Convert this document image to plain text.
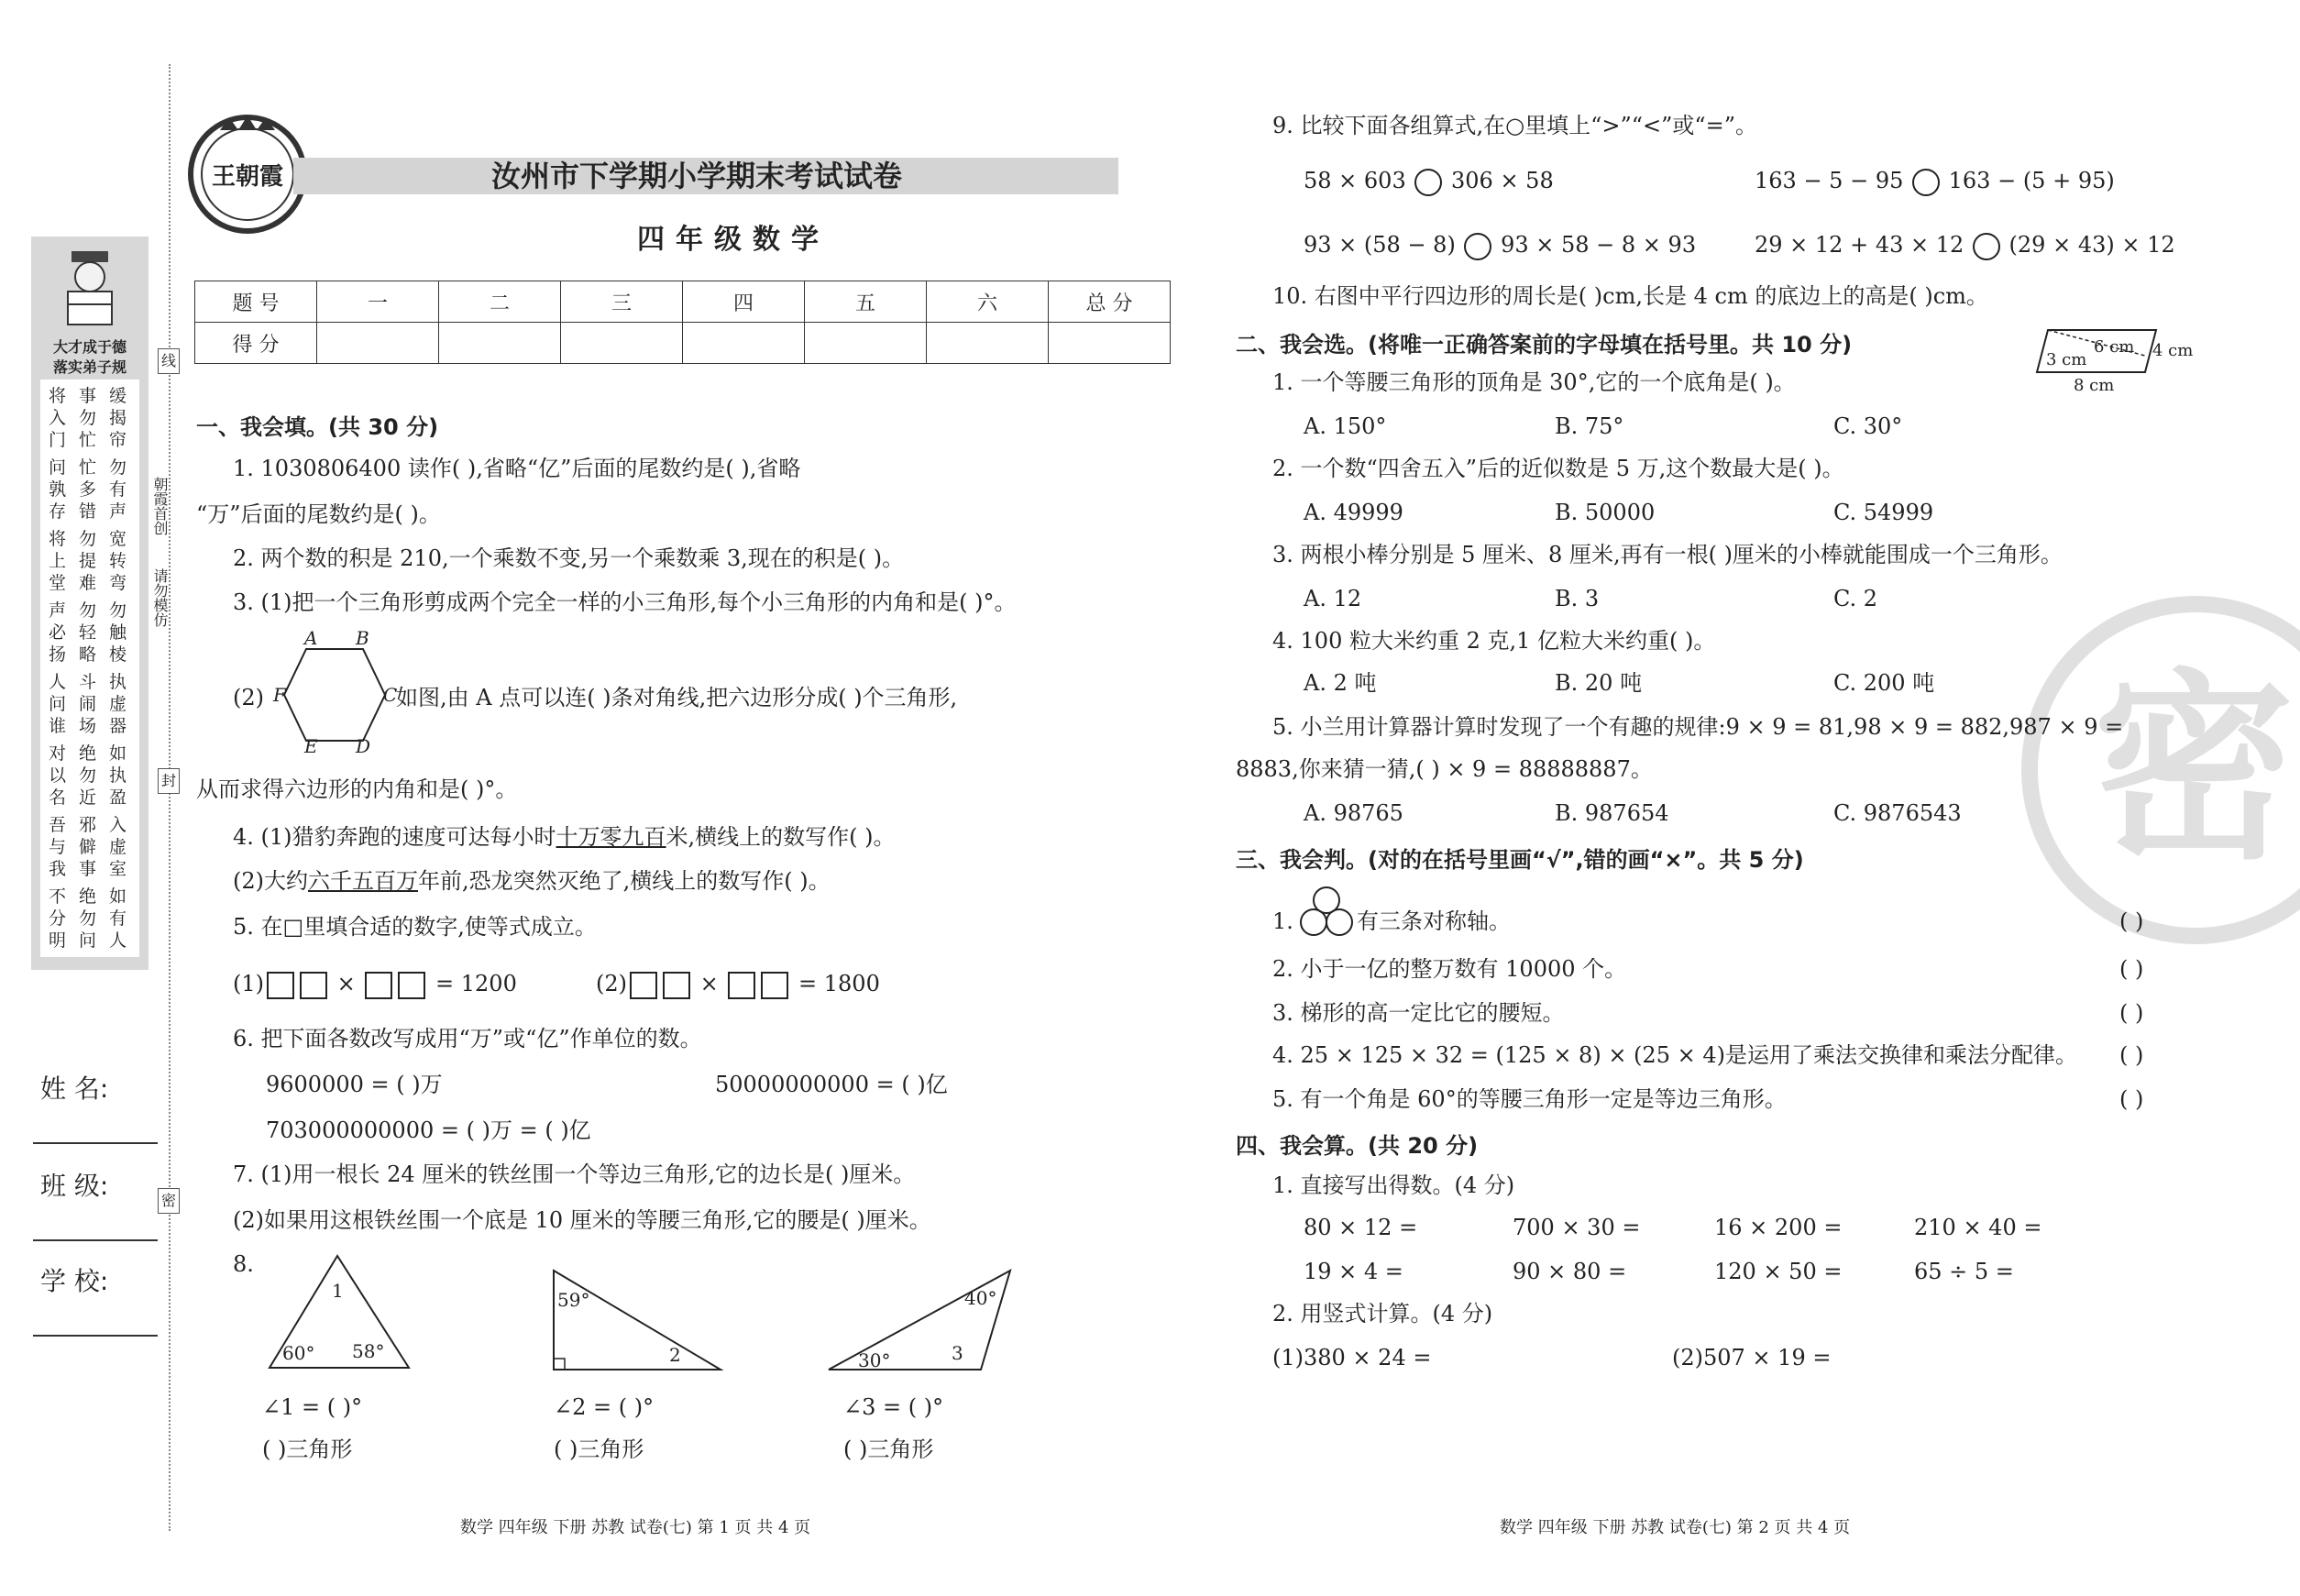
线
封
密
朝霞首创
请勿模仿
大才成于德
落实弟子规
将入门
事勿忙
缓揭帘
问孰存
忙多错
勿有声
将上堂
勿提难
宽转弯
声必扬
勿轻略
勿触棱
人问谁
斗闹场
执虚器
对以名
绝勿近
如执盈
吾与我
邪僻事
入虚室
不分明
绝勿问
如有人
姓 名:
班 级:
学 校:
王朝霞	汝州市下学期小学期末考试试卷
四年级数学
题 号	一	二	三	四	五	六	总 分
得 分							
一、我会填。(共 30 分)
1. 1030806400 读作( ),省略“亿”后面的尾数约是( ),省略
“万”后面的尾数约是( )。
2. 两个数的积是 210,一个乘数不变,另一个乘数乘 3,现在的积是( )。
3. (1)把一个三角形剪成两个完全一样的小三角形,每个小三角形的内角和是( )°。
(2)
A B
C
D
E
F	如图,由 A 点可以连( )条对角线,把六边形分成( )个三角形,
从而求得六边形的内角和是( )°。
4. (1)猎豹奔跑的速度可达每小时十万零九百米,横线上的数写作( )。
(2)大约六千五百万年前,恐龙突然灭绝了,横线上的数写作( )。
5. 在□里填合适的数字,使等式成立。
(1)	×	= 1200	(2)	×	= 1800
6. 把下面各数改写成用“万”或“亿”作单位的数。
9600000 = ( )万	50000000000 = ( )亿
703000000000 = ( )万 = ( )亿
7. (1)用一根长 24 厘米的铁丝围一个等边三角形,它的边长是( )厘米。
(2)如果用这根铁丝围一个底是 10 厘米的等腰三角形,它的腰是( )厘米。
8.
1
60° 58°
59°
2
40°
30°	3
∠1 = ( )°	∠2 = ( )°	∠3 = ( )°
( )三角形	( )三角形	( )三角形
数学 四年级 下册 苏教 试卷(七) 第 1 页 共 4 页
密
9. 比较下面各组算式,在○里填上“>”“<”或“=”。
58 × 603 306 × 58	163 − 5 − 95 163 − (5 + 95)
93 × (58 − 8) 93 × 58 − 8 × 93	29 × 12 + 43 × 12 (29 × 43) × 12
10. 右图中平行四边形的周长是( )cm,长是 4 cm 的底边上的高是( )cm。
6 cm 4 cm
3 cm
8 cm
二、我会选。(将唯一正确答案前的字母填在括号里。共 10 分)
1. 一个等腰三角形的顶角是 30°,它的一个底角是( )。
A. 150°	B. 75°	C. 30°
2. 一个数“四舍五入”后的近似数是 5 万,这个数最大是( )。
A. 49999	B. 50000	C. 54999
3. 两根小棒分别是 5 厘米、8 厘米,再有一根( )厘米的小棒就能围成一个三角形。
A. 12	B. 3	C. 2
4. 100 粒大米约重 2 克,1 亿粒大米约重( )。
A. 2 吨	B. 20 吨	C. 200 吨
5. 小兰用计算器计算时发现了一个有趣的规律:9 × 9 = 81,98 × 9 = 882,987 × 9 =
8883,你来猜一猜,( ) × 9 = 88888887。
A. 98765	B. 987654	C. 9876543
三、我会判。(对的在括号里画“√”,错的画“×”。共 5 分)
1.	有三条对称轴。
2. 小于一亿的整万数有 10000 个。
3. 梯形的高一定比它的腰短。
4. 25 × 125 × 32 = (125 × 8) × (25 × 4)是运用了乘法交换律和乘法分配律。
5. 有一个角是 60°的等腰三角形一定是等边三角形。
( )
( )
( )
( )
( )
四、我会算。(共 20 分)
1. 直接写出得数。(4 分)
80 × 12 =	700 × 30 =	16 × 200 =	210 × 40 =
19 × 4 =	90 × 80 =	120 × 50 =	65 ÷ 5 =
2. 用竖式计算。(4 分)
(1)380 × 24 =	(2)507 × 19 =
数学 四年级 下册 苏教 试卷(七) 第 2 页 共 4 页
